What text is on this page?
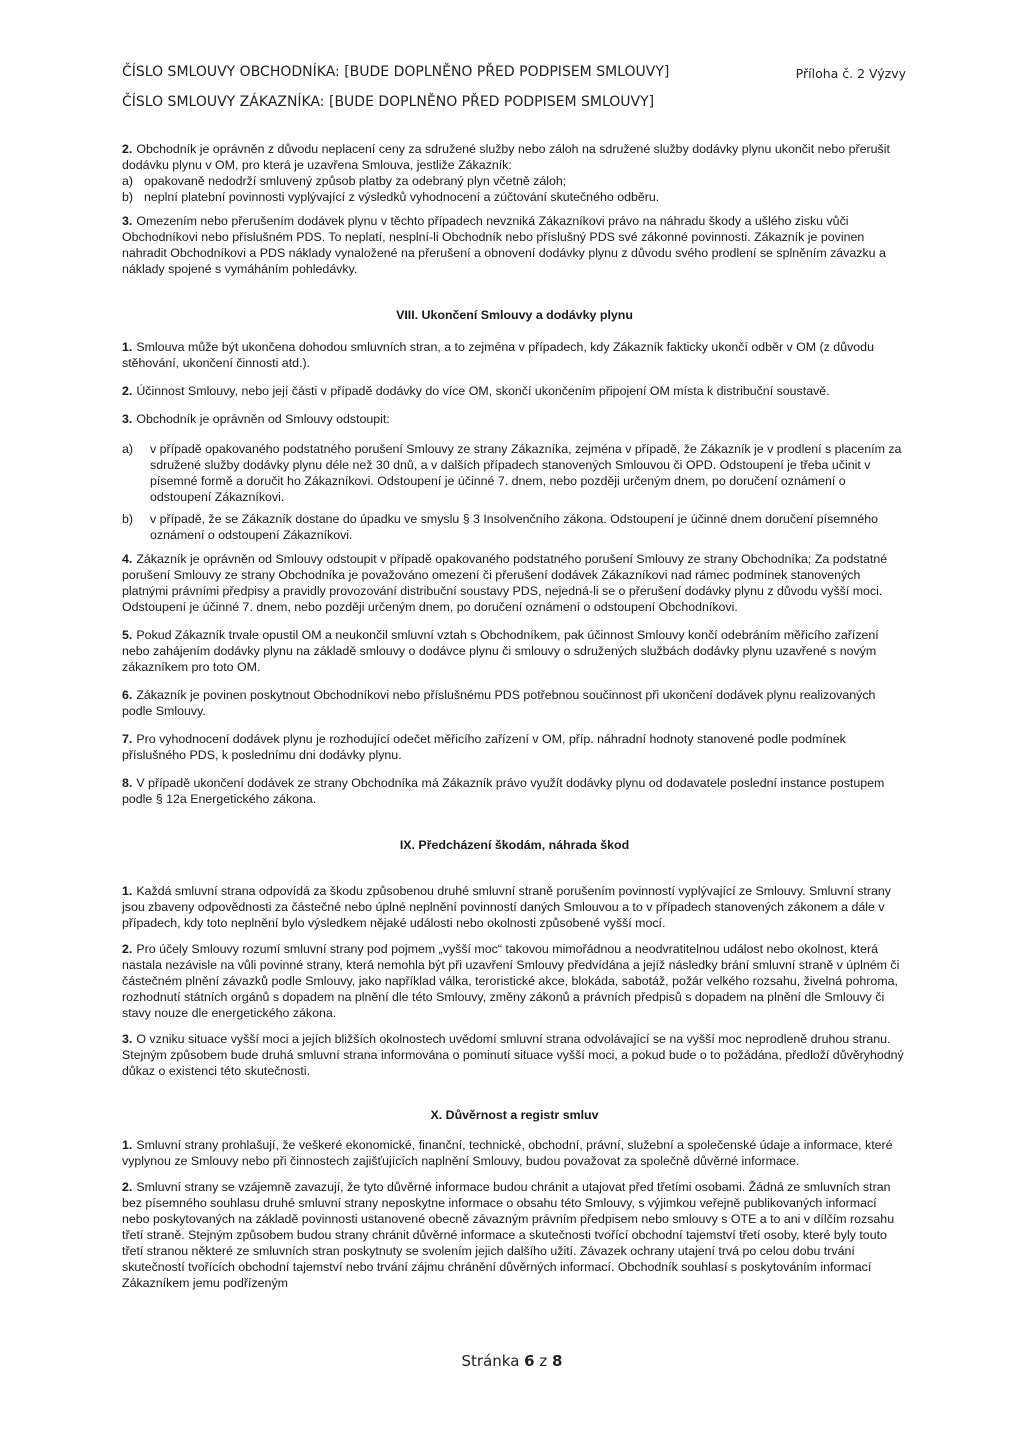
ČÍSLO SMLOUVY OBCHODNÍKA: [BUDE DOPLNĚNO PŘED PODPISEM SMLOUVY]
ČÍSLO SMLOUVY ZÁKAZNÍKA: [BUDE DOPLNĚNO PŘED PODPISEM SMLOUVY]
Příloha č. 2 Výzvy

2. Obchodník je oprávněn z důvodu neplacení ceny za sdružené služby nebo záloh na sdružené služby dodávky plynu ukončit nebo přerušit dodávku plynu v OM, pro která je uzavřena Smlouva, jestliže Zákazník:

a) opakovaně nedodrží smluvený způsob platby za odebraný plyn včetně záloh;
b) neplní platební povinnosti vyplývající z výsledků vyhodnocení a zúčtování skutečného odběru.

3. Omezením nebo přerušením dodávek plynu v těchto případech nevzniká Zákazníkovi právo na náhradu škody a ušlého zisku vůči Obchodníkovi nebo příslušném PDS. To neplatí, nesplní-li Obchodník nebo příslušný PDS své zákonné povinnosti. Zákazník je povinen nahradit Obchodníkovi a PDS náklady vynaložené na přerušení a obnovení dodávky plynu z důvodu svého prodlení se splněním závazku a náklady spojené s vymáháním pohledávky.

VIII. Ukončení Smlouvy a dodávky plynu

1. Smlouva může být ukončena dohodou smluvních stran, a to zejména v případech, kdy Zákazník fakticky ukončí odběr v OM (z důvodu stěhování, ukončení činnosti atd.).

2. Účinnost Smlouvy, nebo její části v případě dodávky do více OM, skončí ukončením připojení OM místa k distribuční soustavě.

3. Obchodník je oprávněn od Smlouvy odstoupit:

a)	v případě opakovaného podstatného porušení Smlouvy ze strany Zákazníka, zejména v případě, že Zákazník je v prodlení s placením za sdružené služby dodávky plynu déle než 30 dnů, a v dalších případech stanovených Smlouvou či OPD. Odstoupení je třeba učinit v písemné formě a doručit ho Zákazníkovi. Odstoupení je účinné 7. dnem, nebo později určeným dnem, po doručení oznámení o odstoupení Zákazníkovi.
b)	v případě, že se Zákazník dostane do úpadku ve smyslu § 3 Insolvenčního zákona. Odstoupení je účinné dnem doručení písemného oznámení o odstoupení Zákazníkovi.

4. Zákazník je oprávněn od Smlouvy odstoupit v případě opakovaného podstatného porušení Smlouvy ze strany Obchodníka; Za podstatné porušení Smlouvy ze strany Obchodníka je považováno omezení či přerušení dodávek Zákazníkovi nad rámec podmínek stanovených platnými právními předpisy a pravidly provozování distribuční soustavy PDS, nejedná-li se o přerušení dodávky plynu z důvodu vyšší moci. Odstoupení je účinné 7. dnem, nebo později určeným dnem, po doručení oznámení o odstoupení Obchodníkovi.

5. Pokud Zákazník trvale opustil OM a neukončil smluvní vztah s Obchodníkem, pak účinnost Smlouvy končí odebráním měřicího zařízení nebo zahájením dodávky plynu na základě smlouvy o dodávce plynu či smlouvy o sdružených službách dodávky plynu uzavřené s novým zákazníkem pro toto OM.

6. Zákazník je povinen poskytnout Obchodníkovi nebo příslušnému PDS potřebnou součinnost při ukončení dodávek plynu realizovaných podle Smlouvy.

7. Pro vyhodnocení dodávek plynu je rozhodující odečet měřicího zařízení v OM, příp. náhradní hodnoty stanovené podle podmínek příslušného PDS, k poslednímu dni dodávky plynu.

8. V případě ukončení dodávek ze strany Obchodníka má Zákazník právo využít dodávky plynu od dodavatele poslední instance postupem podle § 12a Energetického zákona.

IX. Předcházení škodám, náhrada škod

1. Každá smluvní strana odpovídá za škodu způsobenou druhé smluvní straně porušením povinností vyplývající ze Smlouvy. Smluvní strany jsou zbaveny odpovědnosti za částečné nebo úplné neplnění povinností daných Smlouvou a to v případech stanovených zákonem a dále v případech, kdy toto neplnění bylo výsledkem nějaké události nebo okolnosti způsobené vyšší mocí.

2. Pro účely Smlouvy rozumí smluvní strany pod pojmem „vyšší moc“ takovou mimořádnou a neodvratitelnou událost nebo okolnost, která nastala nezávisle na vůli povinné strany, která nemohla být při uzavření Smlouvy předvídána a jejíž následky brání smluvní straně v úplném či částečném plnění závazků podle Smlouvy, jako například válka, teroristické akce, blokáda, sabotáž, požár velkého rozsahu, živelná pohroma, rozhodnutí státních orgánů s dopadem na plnění dle této Smlouvy, změny zákonů a právních předpisů s dopadem na plnění dle Smlouvy či stavy nouze dle energetického zákona.

3. O vzniku situace vyšší moci a jejích bližších okolnostech uvědomí smluvní strana odvolávající se na vyšší moc neprodleně druhou stranu. Stejným způsobem bude druhá smluvní strana informována o pominutí situace vyšší moci, a pokud bude o to požádána, předloží důvěryhodný důkaz o existenci této skutečnosti.

X. Důvěrnost a registr smluv

1. Smluvní strany prohlašují, že veškeré ekonomické, finanční, technické, obchodní, právní, služební a společenské údaje a informace, které vyplynou ze Smlouvy nebo při činnostech zajišťujících naplnění Smlouvy, budou považovat za společně důvěrné informace.

2. Smluvní strany se vzájemně zavazují, že tyto důvěrné informace budou chránit a utajovat před třetími osobami. Žádná ze smluvních stran bez písemného souhlasu druhé smluvní strany neposkytne informace o obsahu této Smlouvy, s výjimkou veřejně publikovaných informací nebo poskytovaných na základě povinnosti ustanovené obecně závazným právním předpisem nebo smlouvy s OTE a to ani v dílčím rozsahu třetí straně. Stejným způsobem budou strany chránit důvěrné informace a skutečnosti tvořící obchodní tajemství třetí osoby, které byly touto třetí stranou některé ze smluvních stran poskytnuty se svolením jejich dalšího užití. Závazek ochrany utajení trvá po celou dobu trvání skutečností tvořících obchodní tajemství nebo trvání zájmu chránění důvěrných informací. Obchodník souhlasí s poskytováním informací Zákazníkem jemu podřízeným

Stránka 6 z 8
